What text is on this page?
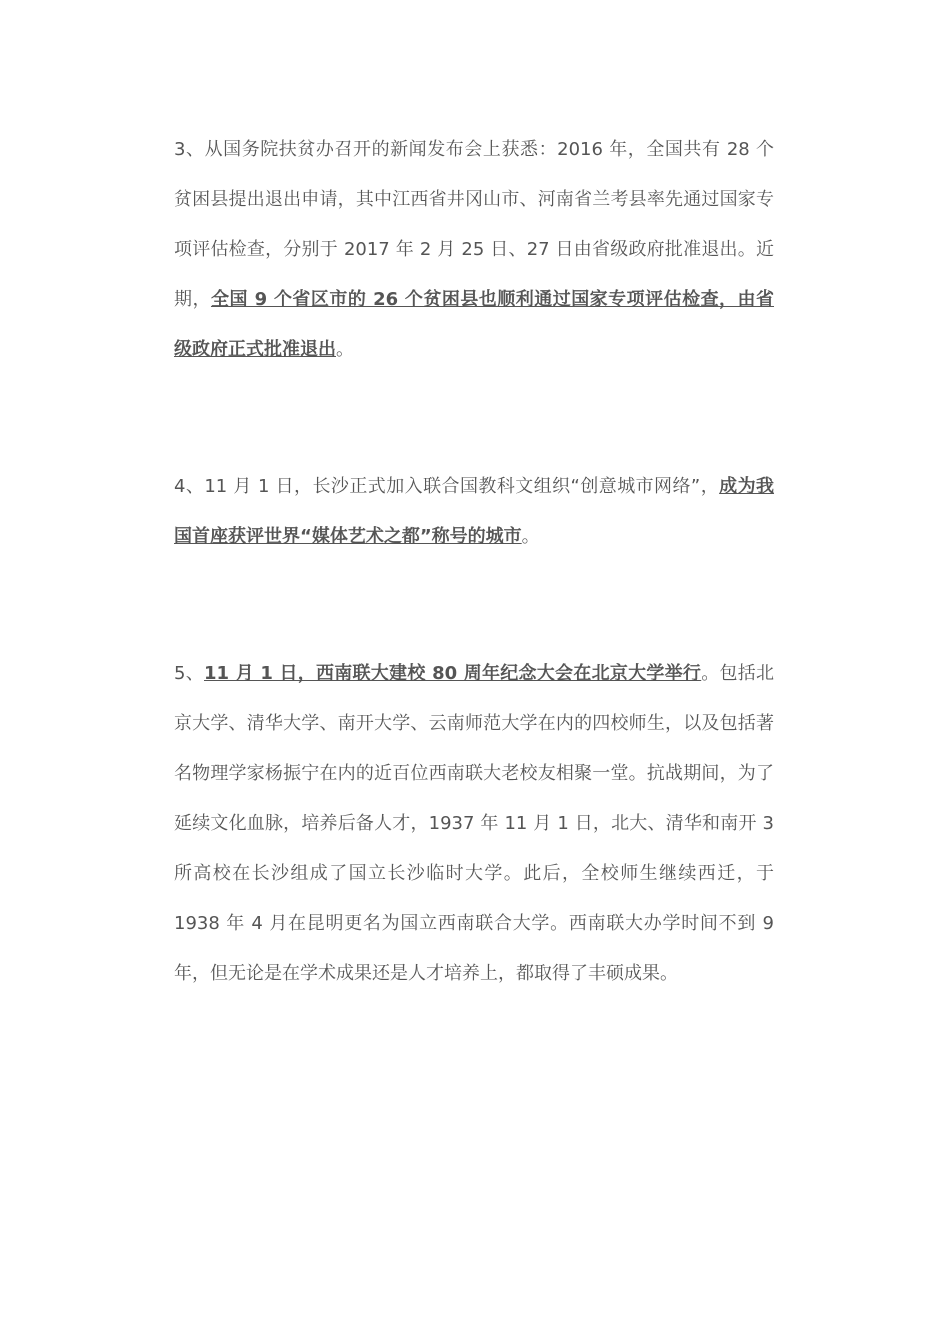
3、从国务院扶贫办召开的新闻发布会上获悉：2016 年，全国共有 28 个贫困县提出退出申请，其中江西省井冈山市、河南省兰考县率先通过国家专项评估检查，分别于 2017 年 2 月 25 日、27 日由省级政府批准退出。近期，全国 9 个省区市的 26 个贫困县也顺利通过国家专项评估检查，由省级政府正式批准退出。

4、11 月 1 日，长沙正式加入联合国教科文组织“创意城市网络”，成为我国首座获评世界“媒体艺术之都”称号的城市。

5、11 月 1 日，西南联大建校 80 周年纪念大会在北京大学举行。包括北京大学、清华大学、南开大学、云南师范大学在内的四校师生，以及包括著名物理学家杨振宁在内的近百位西南联大老校友相聚一堂。抗战期间，为了延续文化血脉，培养后备人才，1937 年 11 月 1 日，北大、清华和南开 3 所高校在长沙组成了国立长沙临时大学。此后，全校师生继续西迁，于 1938 年 4 月在昆明更名为国立西南联合大学。西南联大办学时间不到 9 年，但无论是在学术成果还是人才培养上，都取得了丰硕成果。
